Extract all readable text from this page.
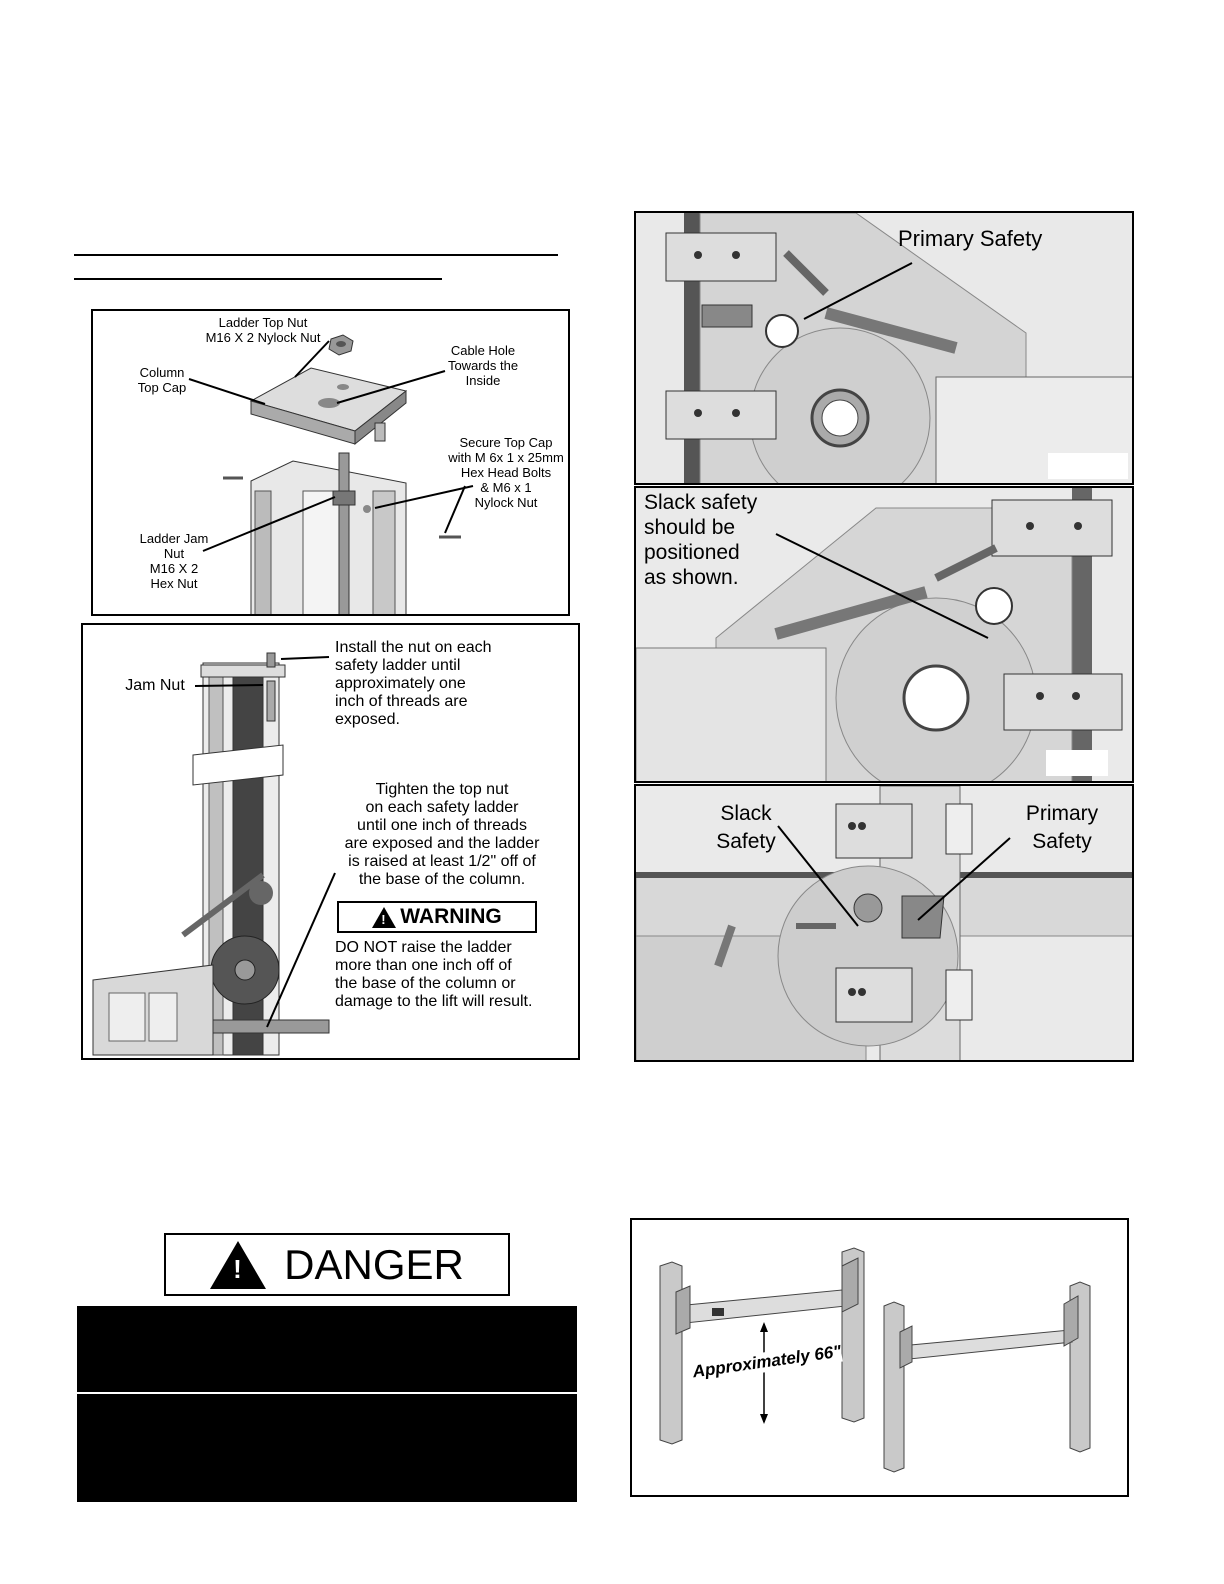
Ladder Top Nut
M16 X 2 Nylock Nut
Column
Top Cap
Cable Hole
Towards the
Inside
Secure Top Cap
with M 6x 1 x 25mm
Hex Head Bolts
& M6 x 1
Nylock Nut
Ladder Jam
Nut
M16 X 2
Hex Nut
Install the nut on each
safety ladder until
approximately one
inch of threads are
exposed.
Jam Nut
Tighten the top nut
on each safety ladder
until one inch of threads
are exposed and the ladder
is raised at least 1/2" off of
the base of the column.
! WARNING
DO NOT raise the ladder
more than one inch off of
the base of the column or
damage to the lift will result.
Primary Safety
Slack safety
should be
positioned
as shown.
Slack
Safety
Primary
Safety
! DANGER
Approximately 66"
